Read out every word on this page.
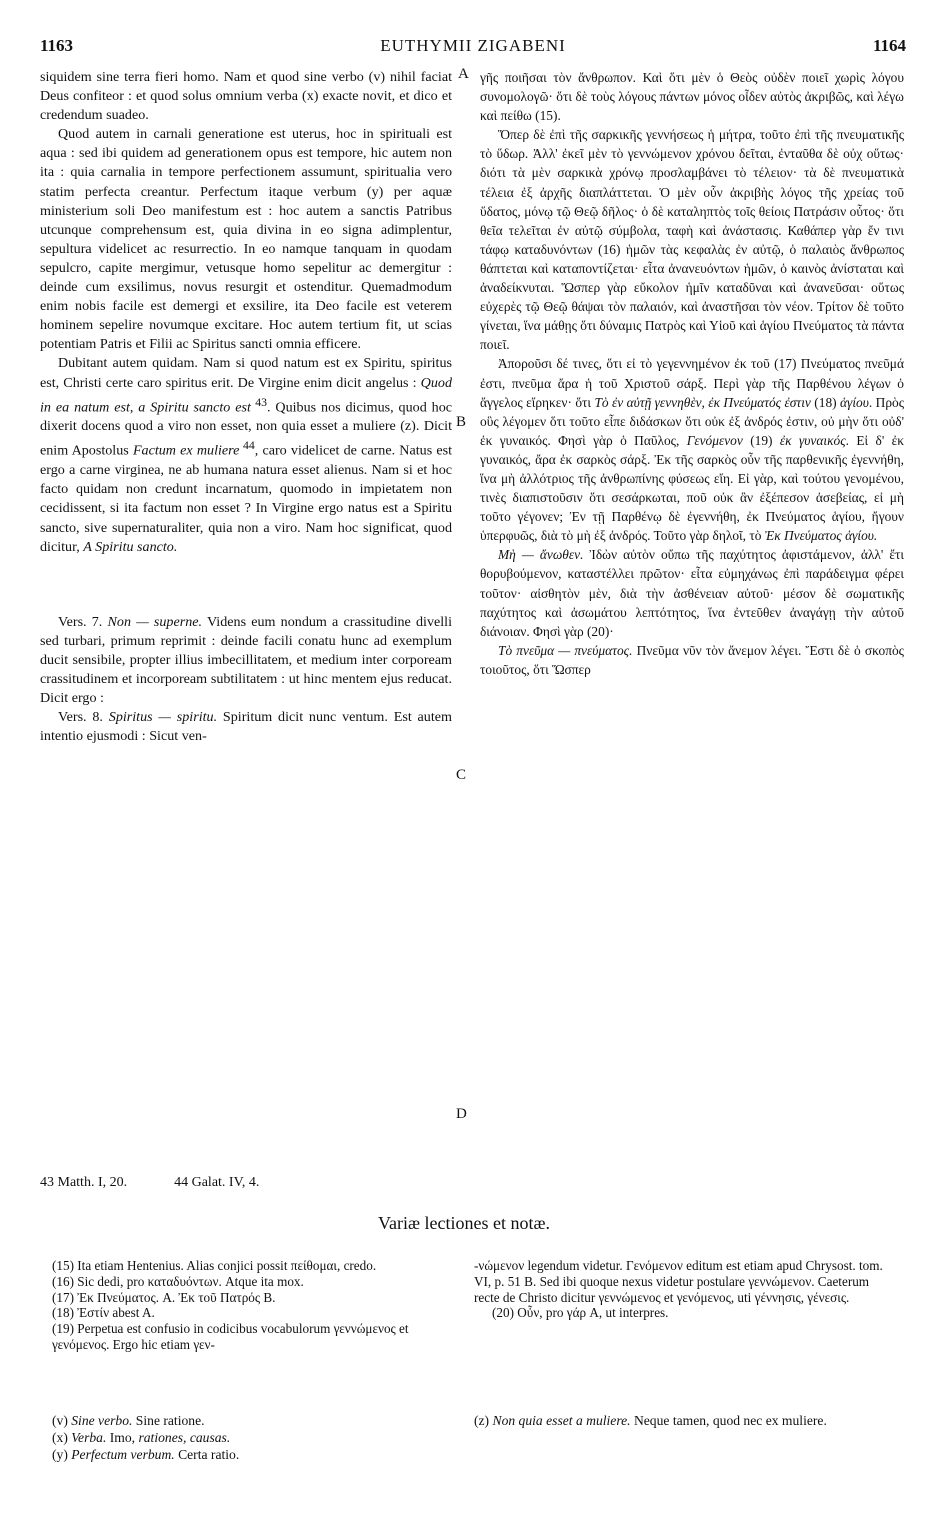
1163	EUTHYMII ZIGABENI	1164

siquidem sine terra fieri homo. Nam et quod sine verbo (v) nihil faciat Deus confiteor : et quod solus omnium verba (x) exacte novit, et dico et credendum suadeo.

Quod autem in carnali generatione est uterus, hoc in spirituali est aqua : sed ibi quidem ad generationem opus est tempore, hic autem non ita : quia carnalia in tempore perfectionem assumunt, spiritualia vero statim perfecta creantur. Perfectum itaque verbum (y) per aquæ ministerium soli Deo manifestum est : hoc autem a sanctis Patribus utcunque comprehensum est, quia divina in eo signa adimplentur, sepultura videlicet ac resurrectio. In eo namque tanquam in quodam sepulcro, capite mergimur, vetusque homo sepelitur ac demergitur : deinde cum exsilimus, novus resurgit et ostenditur. Quemadmodum enim nobis facile est demergi et exsilire, ita Deo facile est veterem hominem sepelire novumque excitare. Hoc autem tertium fit, ut scias potentiam Patris et Filii ac Spiritus sancti omnia efficere.

Dubitant autem quidam. Nam si quod natum est ex Spiritu, spiritus est, Christi certe caro spiritus erit. De Virgine enim dicit angelus : Quod in ea natum est, a Spiritu sancto est $^{43}$. Quibus nos dicimus, quod hoc dixerit docens quod a viro non esset, non quia esset a muliere (z). Dicit enim Apostolus Factum ex muliere $^{44}$, caro videlicet de carne. Natus est ergo a carne virginea, ne ab humana natura esset alienus. Nam si et hoc facto quidam non credunt incarnatum, quomodo in impietatem non cecidissent, si ita factum non esset ? In Virgine ergo natus est a Spiritu sancto, sive supernaturaliter, quia non a viro. Nam hoc significat, quod dicitur, A Spiritu sancto.

Vers. 7. Non — superne. Videns eum nondum a crassitudine divelli sed turbari, primum reprimit : deinde facili conatu hunc ad exemplum ducit sensibile, propter illius imbecillitatem, et medium inter corpoream crassitudinem et incorpoream subtilitatem : ut hinc mentem ejus reducat. Dicit ergo :

Vers. 8. Spiritus — spiritu. Spiritum dicit nunc ventum. Est autem intentio ejusmodi : Sicut ven-

A
B
C
D

γῆς ποιῆσαι τὸν ἄνθρωπον. Καὶ ὅτι μὲν ὁ Θεὸς οὐδὲν ποιεῖ χωρὶς λόγου συνομολογῶ· ὅτι δὲ τοὺς λόγους πάντων μόνος οἶδεν αὐτὸς ἀκριβῶς, καὶ λέγω καὶ πείθω (15).

Ὅπερ δὲ ἐπὶ τῆς σαρκικῆς γεννήσεως ἡ μήτρα, τοῦτο ἐπὶ τῆς πνευματικῆς τὸ ὕδωρ. Ἀλλ' ἐκεῖ μὲν τὸ γεννώμενον χρόνου δεῖται, ἐνταῦθα δὲ οὐχ οὕτως· διότι τὰ μὲν σαρκικὰ χρόνῳ προσλαμβάνει τὸ τέλειον· τὰ δὲ πνευματικὰ τέλεια ἐξ ἀρχῆς διαπλάττεται. Ὁ μὲν οὖν ἀκριβὴς λόγος τῆς χρείας τοῦ ὕδατος, μόνῳ τῷ Θεῷ δῆλος· ὁ δὲ καταληπτὸς τοῖς θείοις Πατράσιν οὗτος· ὅτι θεῖα τελεῖται ἐν αὐτῷ σύμβολα, ταφὴ καὶ ἀνάστασις. Καθάπερ γὰρ ἔν τινι τάφῳ καταδυνόντων (16) ἡμῶν τὰς κεφαλὰς ἐν αὐτῷ, ὁ παλαιὸς ἄνθρωπος θάπτεται καὶ καταποντίζεται· εἶτα ἀνανευόντων ἡμῶν, ὁ καινὸς ἀνίσταται καὶ ἀναδείκνυται. Ὥσπερ γὰρ εὔκολον ἡμῖν καταδῦναι καὶ ἀνανεῦσαι· οὕτως εὐχερὲς τῷ Θεῷ θάψαι τὸν παλαιόν, καὶ ἀναστῆσαι τὸν νέον. Τρίτον δὲ τοῦτο γίνεται, ἵνα μάθῃς ὅτι δύναμις Πατρὸς καὶ Υἱοῦ καὶ ἁγίου Πνεύματος τὰ πάντα ποιεῖ.

Ἀποροῦσι δέ τινες, ὅτι εἰ τὸ γεγεννημένον ἐκ τοῦ (17) Πνεύματος πνεῦμά ἐστι, πνεῦμα ἄρα ἡ τοῦ Χριστοῦ σάρξ. Περὶ γὰρ τῆς Παρθένου λέγων ὁ ἄγγελος εἴρηκεν· ὅτι Τὸ ἐν αὐτῇ γεννηθὲν, ἐκ Πνεύματός ἐστιν (18) ἁγίου. Πρὸς οὓς λέγομεν ὅτι τοῦτο εἶπε διδάσκων ὅτι οὐκ ἐξ ἀνδρός ἐστιν, οὐ μὴν ὅτι οὐδ' ἐκ γυναικός. Φησὶ γὰρ ὁ Παῦλος, Γενόμενον (19) ἐκ γυναικός. Εἰ δ' ἐκ γυναικός, ἄρα ἐκ σαρκὸς σάρξ. Ἐκ τῆς σαρκὸς οὖν τῆς παρθενικῆς ἐγεννήθη, ἵνα μὴ ἀλλότριος τῆς ἀνθρωπίνης φύσεως εἴη. Εἰ γὰρ, καὶ τούτου γενομένου, τινὲς διαπιστοῦσιν ὅτι σεσάρκωται, ποῦ οὐκ ἂν ἐξέπεσον ἀσεβείας, εἰ μὴ τοῦτο γέγονεν; Ἐν τῇ Παρθένῳ δὲ ἐγεννήθη, ἐκ Πνεύματος ἁγίου, ἤγουν ὑπερφυῶς, διὰ τὸ μὴ ἐξ ἀνδρός. Τοῦτο γὰρ δηλοῖ, τὸ Ἐκ Πνεύματος ἁγίου.

Μὴ — ἄνωθεν. Ἰδὼν αὐτὸν οὔπω τῆς παχύτητος ἀφιστάμενον, ἀλλ' ἔτι θορυβούμενον, καταστέλλει πρῶτον· εἶτα εὐμηχάνως ἐπὶ παράδειγμα φέρει τοῦτον· αἰσθητὸν μὲν, διὰ τὴν ἀσθένειαν αὐτοῦ· μέσον δὲ σωματικῆς παχύτητος καὶ ἀσωμάτου λεπτότητος, ἵνα ἐντεῦθεν ἀναγάγῃ τὴν αὐτοῦ διάνοιαν. Φησὶ γὰρ (20)·

Τὸ πνεῦμα — πνεύματος. Πνεῦμα νῦν τὸν ἄνεμον λέγει. Ἔστι δὲ ὁ σκοπὸς τοιοῦτος, ὅτι Ὥσπερ

43 Matth. I, 20.	44 Galat. IV, 4.
Variæ lectiones et notæ.

(15) Ita etiam Hentenius. Alias conjici possit πείθομαι, credo.

(16) Sic dedi, pro καταδυόντων. Atque ita mox.

(17) Ἐκ Πνεύματος. A. Ἐκ τοῦ Πατρός B.

(18) Ἐστίν abest A.

(19) Perpetua est confusio in codicibus vocabulorum γεννώμενος et γενόμενος. Ergo hic etiam γεν-

-νώμενον legendum videtur. Γενόμενον editum est etiam apud Chrysost. tom. VI, p. 51 B. Sed ibi quoque nexus videtur postulare γεννώμενον. Caeterum recte de Christo dicitur γεννώμενος et γενόμενος, uti γέννησις, γένεσις.

(20) Οὖν, pro γάρ A, ut interpres.

(v) Sine verbo. Sine ratione.

(x) Verba. Imo, rationes, causas.

(y) Perfectum verbum. Certa ratio.

(z) Non quia esset a muliere. Neque tamen, quod nec ex muliere.
